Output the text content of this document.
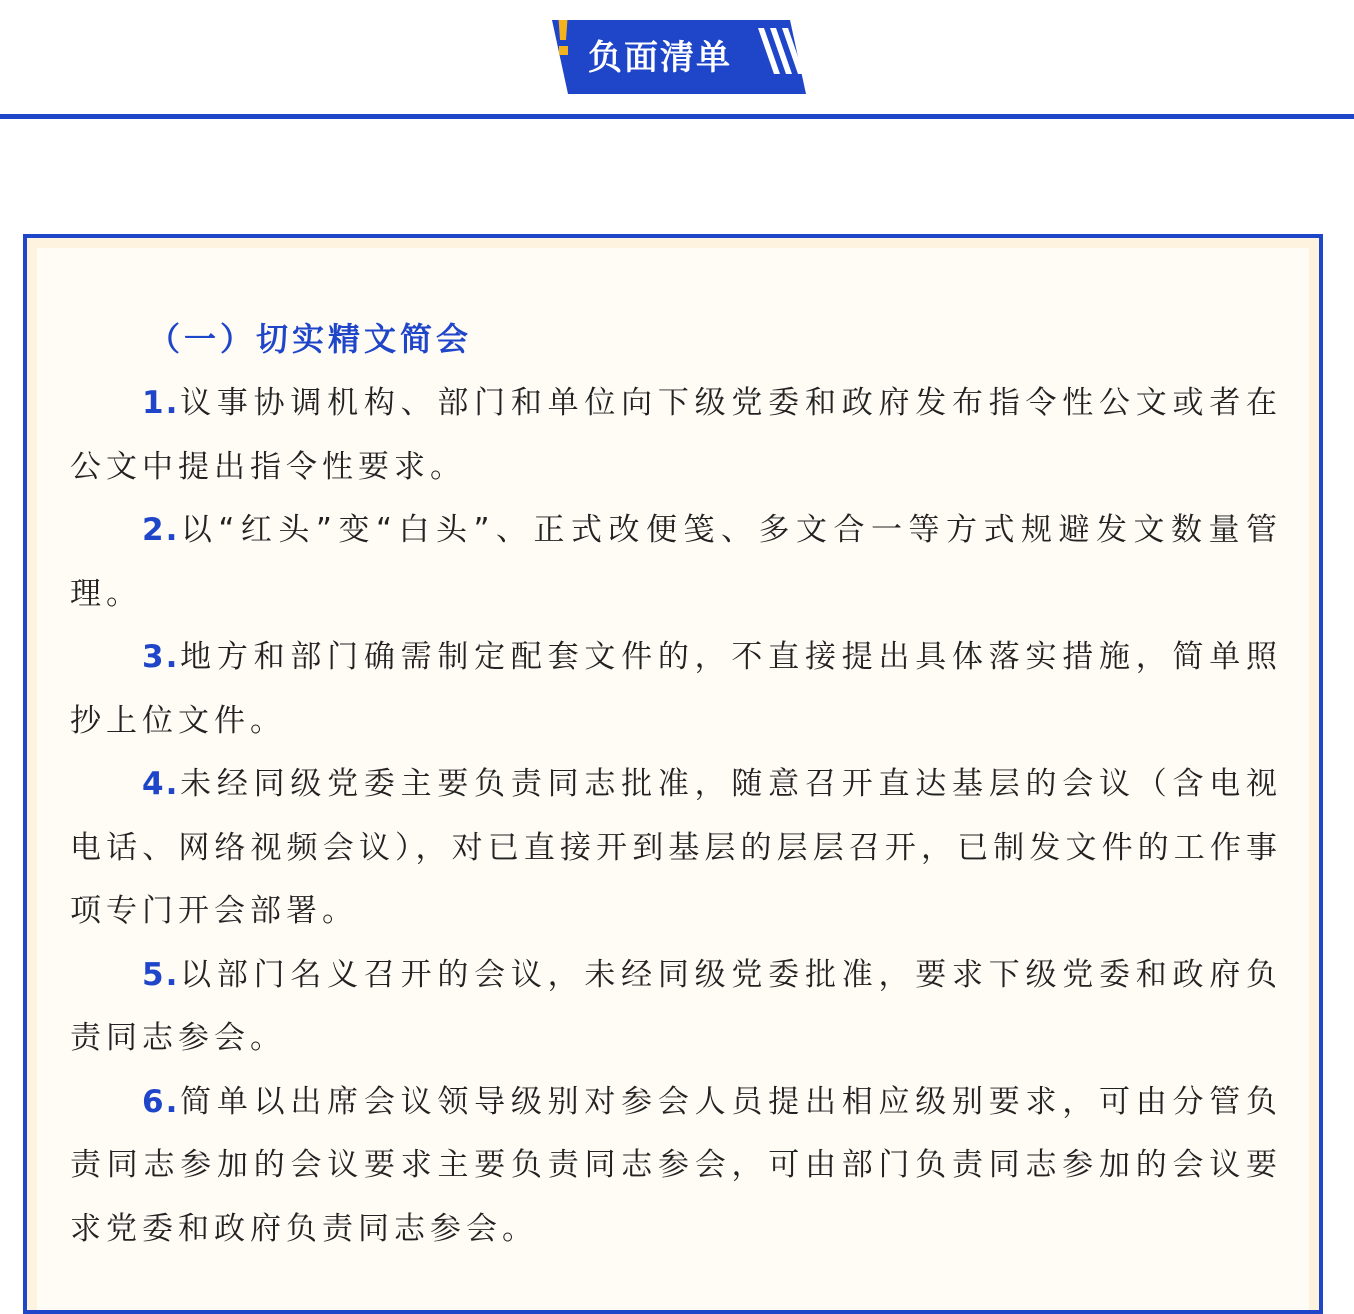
负面清单
（一）切实精文简会

1.议事协调机构、部门和单位向下级党委和政府发布指令性公文或者在公文中提出指令性要求。

2.以“红头”变“白头”、正式改便笺、多文合一等方式规避发文数量管理。

3.地方和部门确需制定配套文件的，不直接提出具体落实措施，简单照抄上位文件。

4.未经同级党委主要负责同志批准，随意召开直达基层的会议（含电视电话、网络视频会议），对已直接开到基层的层层召开，已制发文件的工作事项专门开会部署。

5.以部门名义召开的会议，未经同级党委批准，要求下级党委和政府负责同志参会。

6.简单以出席会议领导级别对参会人员提出相应级别要求，可由分管负责同志参加的会议要求主要负责同志参会，可由部门负责同志参加的会议要求党委和政府负责同志参会。
